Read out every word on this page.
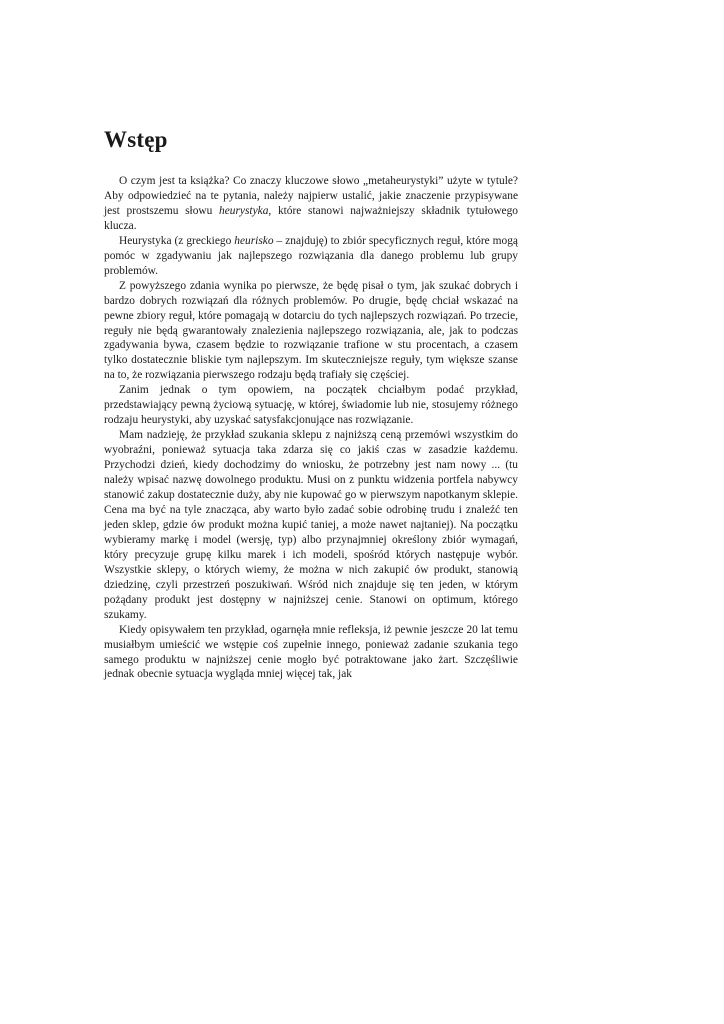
Wstęp

O czym jest ta książka? Co znaczy kluczowe słowo „metaheurystyki” użyte w tytule? Aby odpowiedzieć na te pytania, należy najpierw ustalić, jakie znaczenie przypisywane jest prostszemu słowu heurystyka, które stanowi najważniejszy składnik tytułowego klucza.

Heurystyka (z greckiego heurisko – znajduję) to zbiór specyficznych reguł, które mogą pomóc w zgadywaniu jak najlepszego rozwiązania dla danego problemu lub grupy problemów.

Z powyższego zdania wynika po pierwsze, że będę pisał o tym, jak szukać dobrych i bardzo dobrych rozwiązań dla różnych problemów. Po drugie, będę chciał wskazać na pewne zbiory reguł, które pomagają w dotarciu do tych najlepszych rozwiązań. Po trzecie, reguły nie będą gwarantowały znalezienia najlepszego rozwiązania, ale, jak to podczas zgadywania bywa, czasem będzie to rozwiązanie trafione w stu procentach, a czasem tylko dostatecznie bliskie tym najlepszym. Im skuteczniejsze reguły, tym większe szanse na to, że rozwiązania pierwszego rodzaju będą trafiały się częściej.

Zanim jednak o tym opowiem, na początek chciałbym podać przykład, przedstawiający pewną życiową sytuację, w której, świadomie lub nie, stosujemy różnego rodzaju heurystyki, aby uzyskać satysfakcjonujące nas rozwiązanie.

Mam nadzieję, że przykład szukania sklepu z najniższą ceną przemówi wszystkim do wyobraźni, ponieważ sytuacja taka zdarza się co jakiś czas w zasadzie każdemu. Przychodzi dzień, kiedy dochodzimy do wniosku, że potrzebny jest nam nowy ... (tu należy wpisać nazwę dowolnego produktu. Musi on z punktu widzenia portfela nabywcy stanowić zakup dostatecznie duży, aby nie kupować go w pierwszym napotkanym sklepie. Cena ma być na tyle znacząca, aby warto było zadać sobie odrobinę trudu i znaleźć ten jeden sklep, gdzie ów produkt można kupić taniej, a może nawet najtaniej). Na początku wybieramy markę i model (wersję, typ) albo przynajmniej określony zbiór wymagań, który precyzuje grupę kilku marek i ich modeli, spośród których następuje wybór. Wszystkie sklepy, o których wiemy, że można w nich zakupić ów produkt, stanowią dziedzinę, czyli przestrzeń poszukiwań. Wśród nich znajduje się ten jeden, w którym pożądany produkt jest dostępny w najniższej cenie. Stanowi on optimum, którego szukamy.

Kiedy opisywałem ten przykład, ogarnęła mnie refleksja, iż pewnie jeszcze 20 lat temu musiałbym umieścić we wstępie coś zupełnie innego, ponieważ zadanie szukania tego samego produktu w najniższej cenie mogło być potraktowane jako żart. Szczęśliwie jednak obecnie sytuacja wygląda mniej więcej tak, jak
